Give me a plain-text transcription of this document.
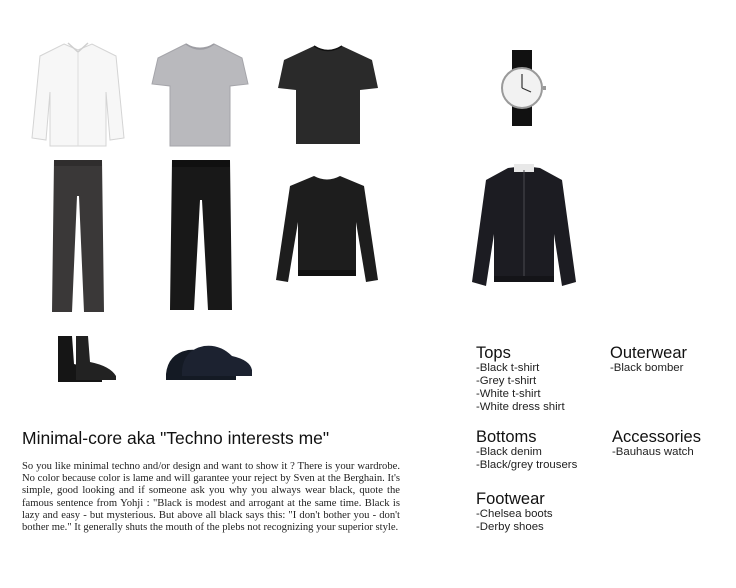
Minimal-core aka "Techno interests me"
So you like minimal techno and/or design and want to show it ? There is your wardrobe. No color because color is lame and will garantee your reject by Sven at the Berghain. It's simple, good looking and if someone ask you why you always wear black, quote the famous sentence from Yohji : "Black is modest and arrogant at the same time. Black is lazy and easy - but mysterious. But above all black says this: "I don't bother you - don't bother me." It generally shuts the mouth of the plebs not recognizing your superior style.
Tops
-Black t-shirt
-Grey t-shirt
-White t-shirt
-White dress shirt
Outerwear
-Black bomber
Bottoms
-Black denim
-Black/grey trousers
Accessories
-Bauhaus watch
Footwear
-Chelsea boots
-Derby shoes
